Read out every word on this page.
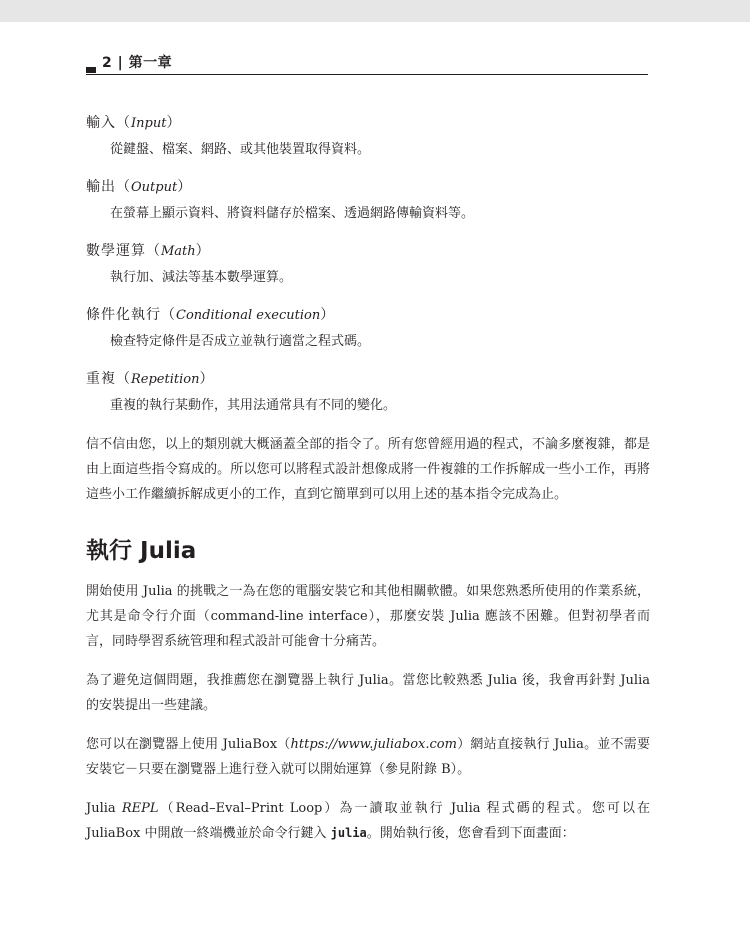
2 | 第一章

輸入（Input）

從鍵盤、檔案、網路、或其他裝置取得資料。

輸出（Output）

在螢幕上顯示資料、將資料儲存於檔案、透過網路傳輸資料等。

數學運算（Math）

執行加、減法等基本數學運算。

條件化執行（Conditional execution）

檢查特定條件是否成立並執行適當之程式碼。

重複（Repetition）

重複的執行某動作，其用法通常具有不同的變化。

信不信由您，以上的類別就大概涵蓋全部的指令了。所有您曾經用過的程式，不論多麼複雜，都是由上面這些指令寫成的。所以您可以將程式設計想像成將一件複雜的工作拆解成一些小工作，再將這些小工作繼續拆解成更小的工作，直到它簡單到可以用上述的基本指令完成為止。

執行 Julia

開始使用 Julia 的挑戰之一為在您的電腦安裝它和其他相關軟體。如果您熟悉所使用的作業系統，尤其是命令行介面（command-line interface），那麼安裝 Julia 應該不困難。但對初學者而言，同時學習系統管理和程式設計可能會十分痛苦。

為了避免這個問題，我推薦您在瀏覽器上執行 Julia。當您比較熟悉 Julia 後，我會再針對 Julia 的安裝提出一些建議。

您可以在瀏覽器上使用 JuliaBox（https://www.juliabox.com）網站直接執行 Julia。並不需要安裝它－只要在瀏覽器上進行登入就可以開始運算（參見附錄 B）。

Julia REPL（Read–Eval–Print Loop）為一讀取並執行 Julia 程式碼的程式。您可以在 JuliaBox 中開啟一終端機並於命令行鍵入 julia。開始執行後，您會看到下面畫面：
